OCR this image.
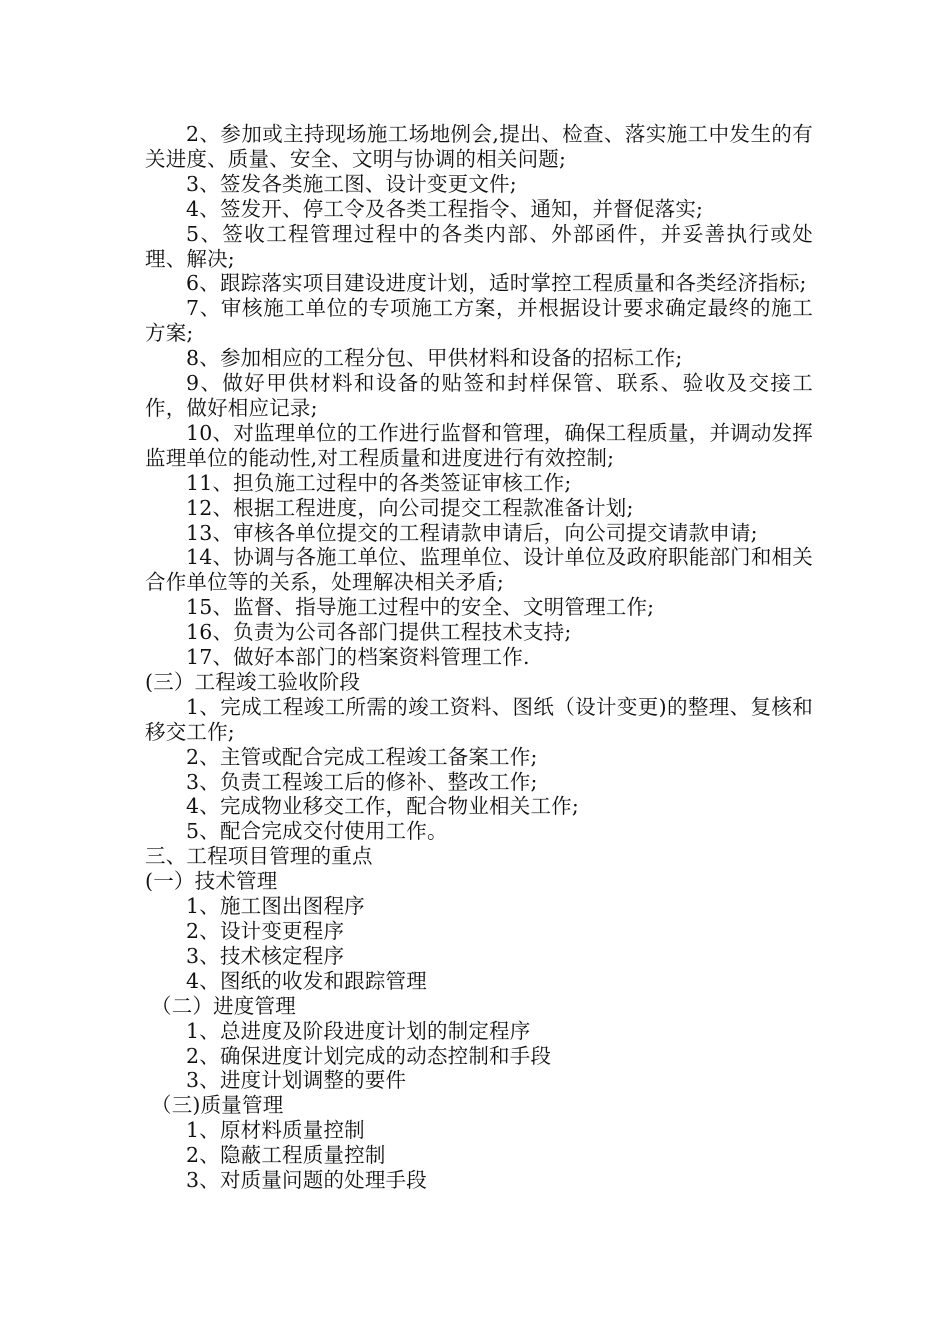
2、参加或主持现场施工场地例会,提出、检查、落实施工中发生的有关进度、质量、安全、文明与协调的相关问题;
3、签发各类施工图、设计变更文件;
4、签发开、停工令及各类工程指令、通知，并督促落实;
5、签收工程管理过程中的各类内部、外部函件，并妥善执行或处理、解决;
6、跟踪落实项目建设进度计划，适时掌控工程质量和各类经济指标;
7、审核施工单位的专项施工方案，并根据设计要求确定最终的施工方案;
8、参加相应的工程分包、甲供材料和设备的招标工作;
9、做好甲供材料和设备的贴签和封样保管、联系、验收及交接工作，做好相应记录;
10、对监理单位的工作进行监督和管理，确保工程质量，并调动发挥监理单位的能动性,对工程质量和进度进行有效控制;
11、担负施工过程中的各类签证审核工作;
12、根据工程进度，向公司提交工程款准备计划;
13、审核各单位提交的工程请款申请后，向公司提交请款申请;
14、协调与各施工单位、监理单位、设计单位及政府职能部门和相关合作单位等的关系，处理解决相关矛盾;
15、监督、指导施工过程中的安全、文明管理工作;
16、负责为公司各部门提供工程技术支持;
17、做好本部门的档案资料管理工作.
(三）工程竣工验收阶段
1、完成工程竣工所需的竣工资料、图纸（设计变更)的整理、复核和移交工作;
2、主管或配合完成工程竣工备案工作;
3、负责工程竣工后的修补、整改工作;
4、完成物业移交工作，配合物业相关工作;
5、配合完成交付使用工作。
三、工程项目管理的重点
(一）技术管理
1、施工图出图程序
2、设计变更程序
3、技术核定程序
4、图纸的收发和跟踪管理
（二）进度管理
1、总进度及阶段进度计划的制定程序
2、确保进度计划完成的动态控制和手段
3、进度计划调整的要件
（三)质量管理
1、原材料质量控制
2、隐蔽工程质量控制
3、对质量问题的处理手段
